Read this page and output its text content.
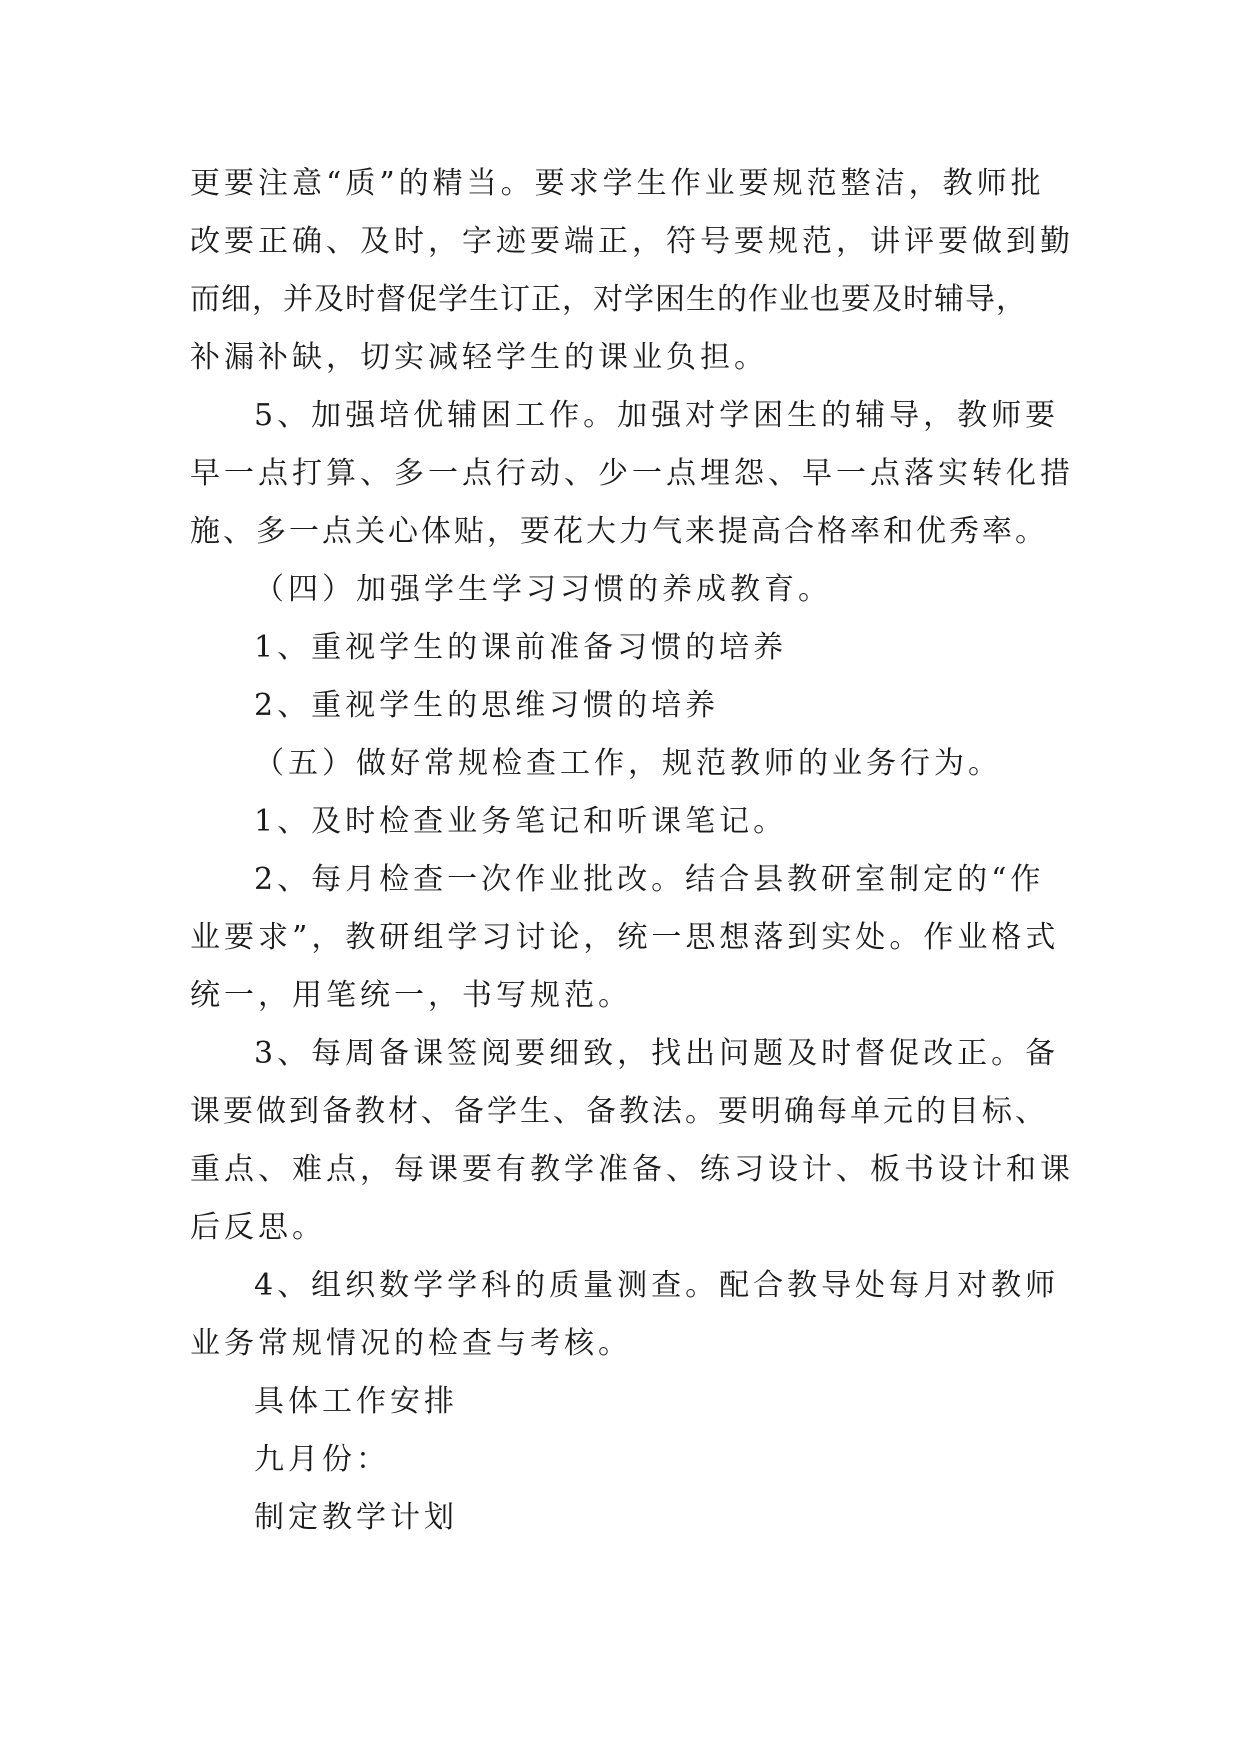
更要注意“质”的精当。要求学生作业要规范整洁，教师批
改要正确、及时，字迹要端正，符号要规范，讲评要做到勤
而细，并及时督促学生订正，对学困生的作业也要及时辅导，
补漏补缺，切实减轻学生的课业负担。
5、加强培优辅困工作。加强对学困生的辅导，教师要
早一点打算、多一点行动、少一点埋怨、早一点落实转化措
施、多一点关心体贴，要花大力气来提高合格率和优秀率。
（四）加强学生学习习惯的养成教育。
1、重视学生的课前准备习惯的培养
2、重视学生的思维习惯的培养
（五）做好常规检查工作，规范教师的业务行为。
1、及时检查业务笔记和听课笔记。
2、每月检查一次作业批改。结合县教研室制定的“作
业要求”，教研组学习讨论，统一思想落到实处。作业格式
统一，用笔统一，书写规范。
3、每周备课签阅要细致，找出问题及时督促改正。备
课要做到备教材、备学生、备教法。要明确每单元的目标、
重点、难点，每课要有教学准备、练习设计、板书设计和课
后反思。
4、组织数学学科的质量测查。配合教导处每月对教师
业务常规情况的检查与考核。
具体工作安排
九月份：
制定教学计划
